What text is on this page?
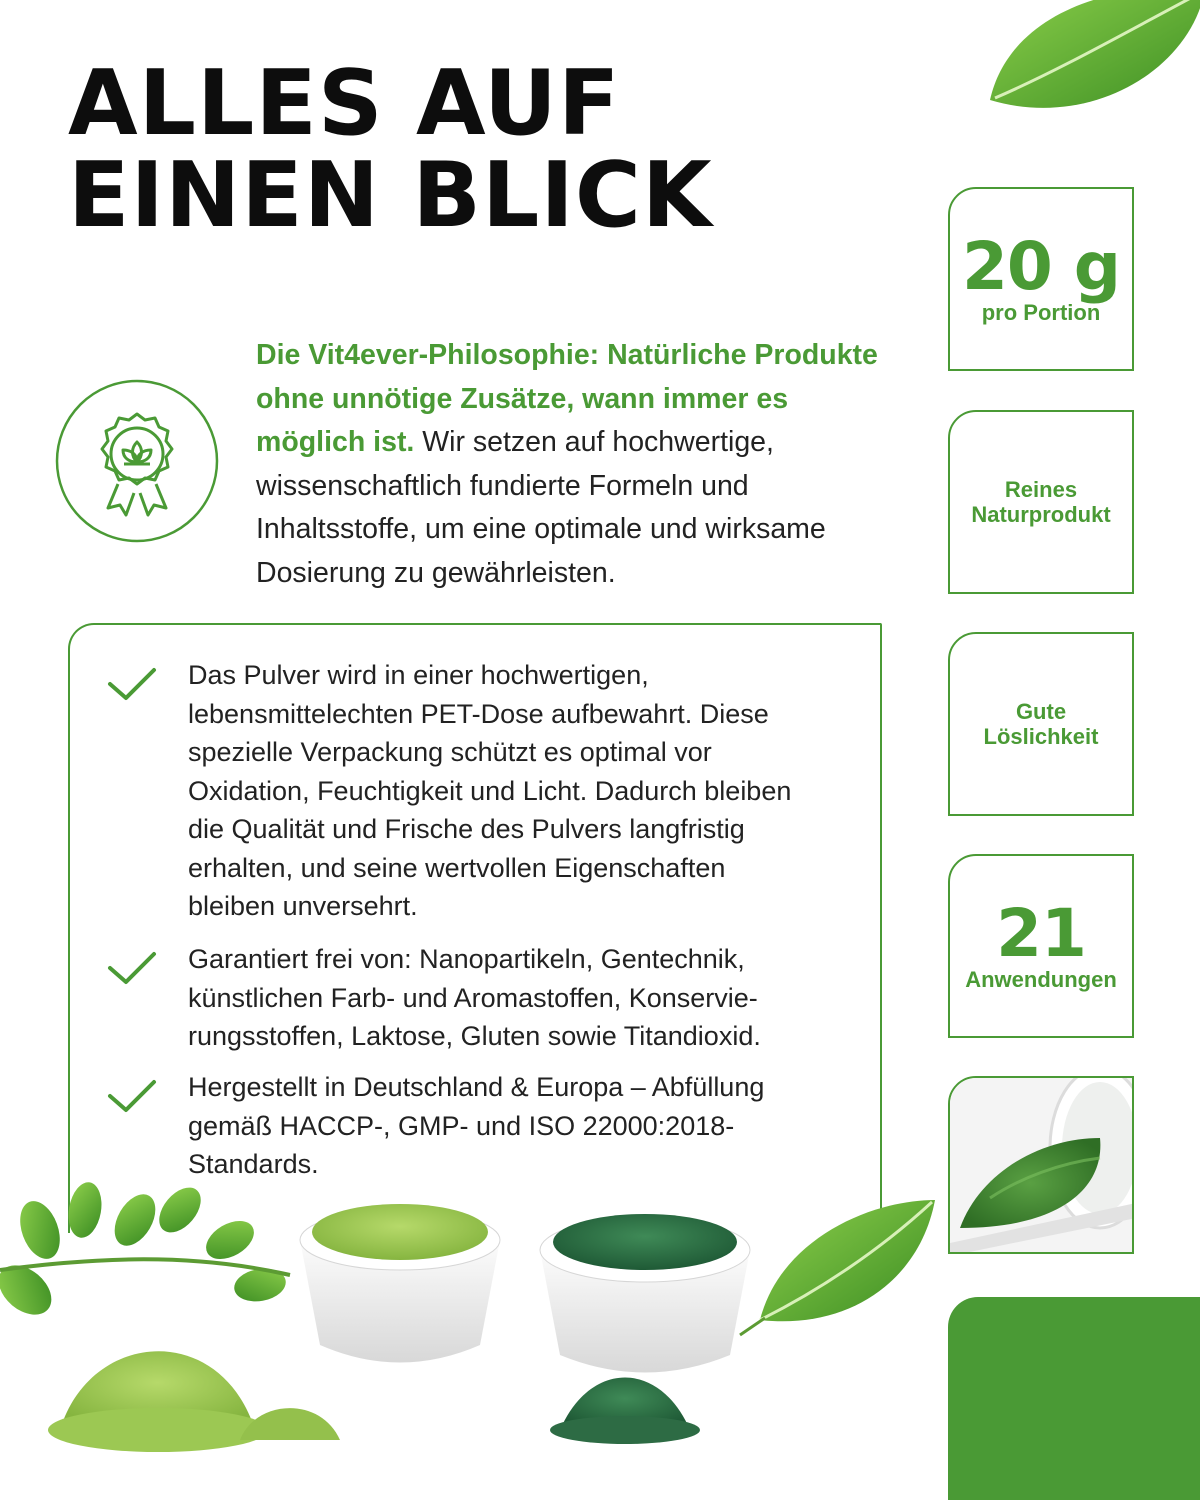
ALLES AUF
EINEN BLICK

Die Vit4ever-Philosophie: Natürliche Produkte ohne unnötige Zusätze, wann immer es möglich ist. Wir setzen auf hochwertige, wissenschaftlich fundierte Formeln und Inhaltsstoffe, um eine optimale und wirksame Dosierung zu gewährleisten.

Das Pulver wird in einer hochwertigen, lebensmittelechten PET-Dose aufbewahrt. Diese spezielle Verpackung schützt es optimal vor Oxidation, Feuchtigkeit und Licht. Dadurch bleiben die Qualität und Frische des Pulvers langfristig erhalten, und seine wertvollen Eigenschaften bleiben unversehrt.
Garantiert frei von: Nanopartikeln, Gentechnik, künstlichen Farb- und Aromastoffen, Konservie-rungsstoffen, Laktose, Gluten sowie Titandioxid.
Hergestellt in Deutschland & Europa – Abfüllung gemäß HACCP-, GMP- und ISO 22000:2018-Standards.
20 g
pro Portion
Reines
Naturprodukt
Gute
Löslichkeit
21
Anwendungen
